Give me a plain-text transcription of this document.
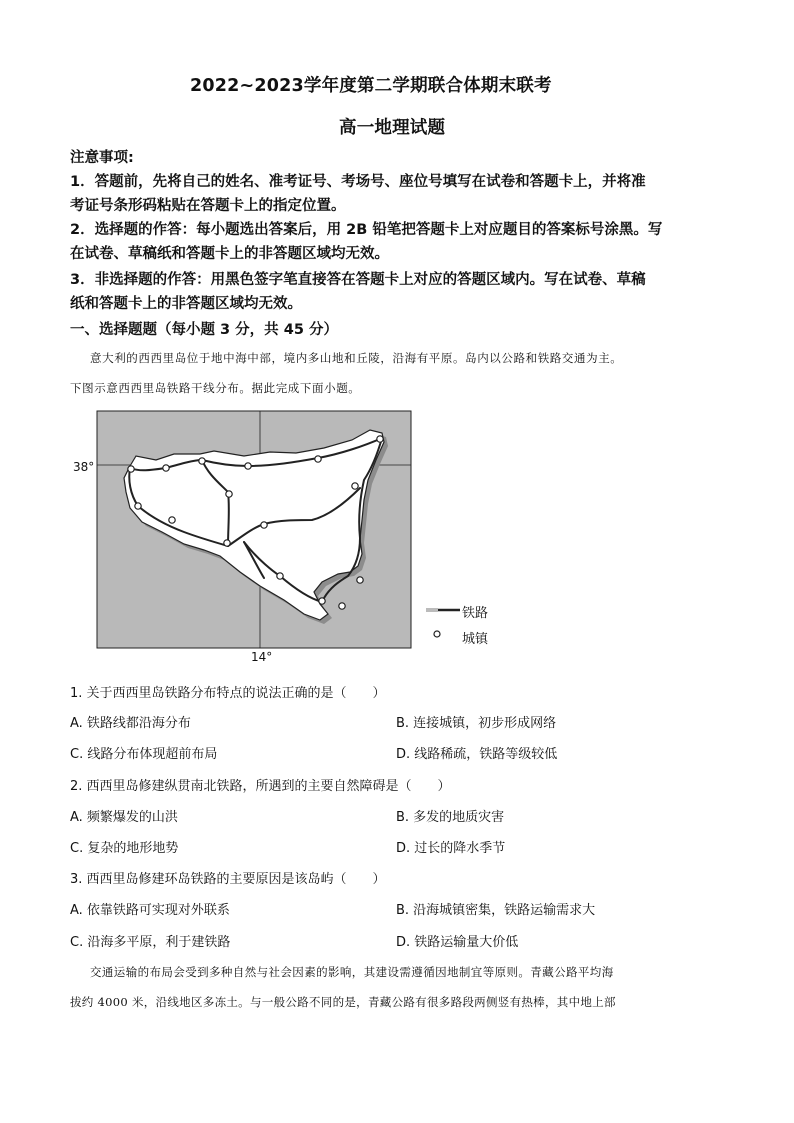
2022~2023学年度第二学期联合体期末联考
高一地理试题
注意事项:
1．答题前，先将自己的姓名、准考证号、考场号、座位号填写在试卷和答题卡上，并将准
考证号条形码粘贴在答题卡上的指定位置。
2．选择题的作答：每小题选出答案后，用 2B 铅笔把答题卡上对应题目的答案标号涂黑。写
在试卷、草稿纸和答题卡上的非答题区域均无效。
3．非选择题的作答：用黑色签字笔直接答在答题卡上对应的答题区域内。写在试卷、草稿
纸和答题卡上的非答题区域均无效。
一、选择题题（每小题 3 分，共 45 分）
意大利的西西里岛位于地中海中部，境内多山地和丘陵，沿海有平原。岛内以公路和铁路交通为主。
下图示意西西里岛铁路干线分布。据此完成下面小题。
38°
14°
铁路
城镇
1. 关于西西里岛铁路分布特点的说法正确的是（　　）
A. 铁路线都沿海分布	B. 连接城镇，初步形成网络
C. 线路分布体现超前布局	D. 线路稀疏，铁路等级较低
2. 西西里岛修建纵贯南北铁路，所遇到的主要自然障碍是（　　）
A. 频繁爆发的山洪	B. 多发的地质灾害
C. 复杂的地形地势	D. 过长的降水季节
3. 西西里岛修建环岛铁路的主要原因是该岛屿（　　）
A. 依靠铁路可实现对外联系	B. 沿海城镇密集，铁路运输需求大
C. 沿海多平原，利于建铁路	D. 铁路运输量大价低
交通运输的布局会受到多种自然与社会因素的影响，其建设需遵循因地制宜等原则。青藏公路平均海
拔约 4000 米，沿线地区多冻土。与一般公路不同的是，青藏公路有很多路段两侧竖有热棒，其中地上部
